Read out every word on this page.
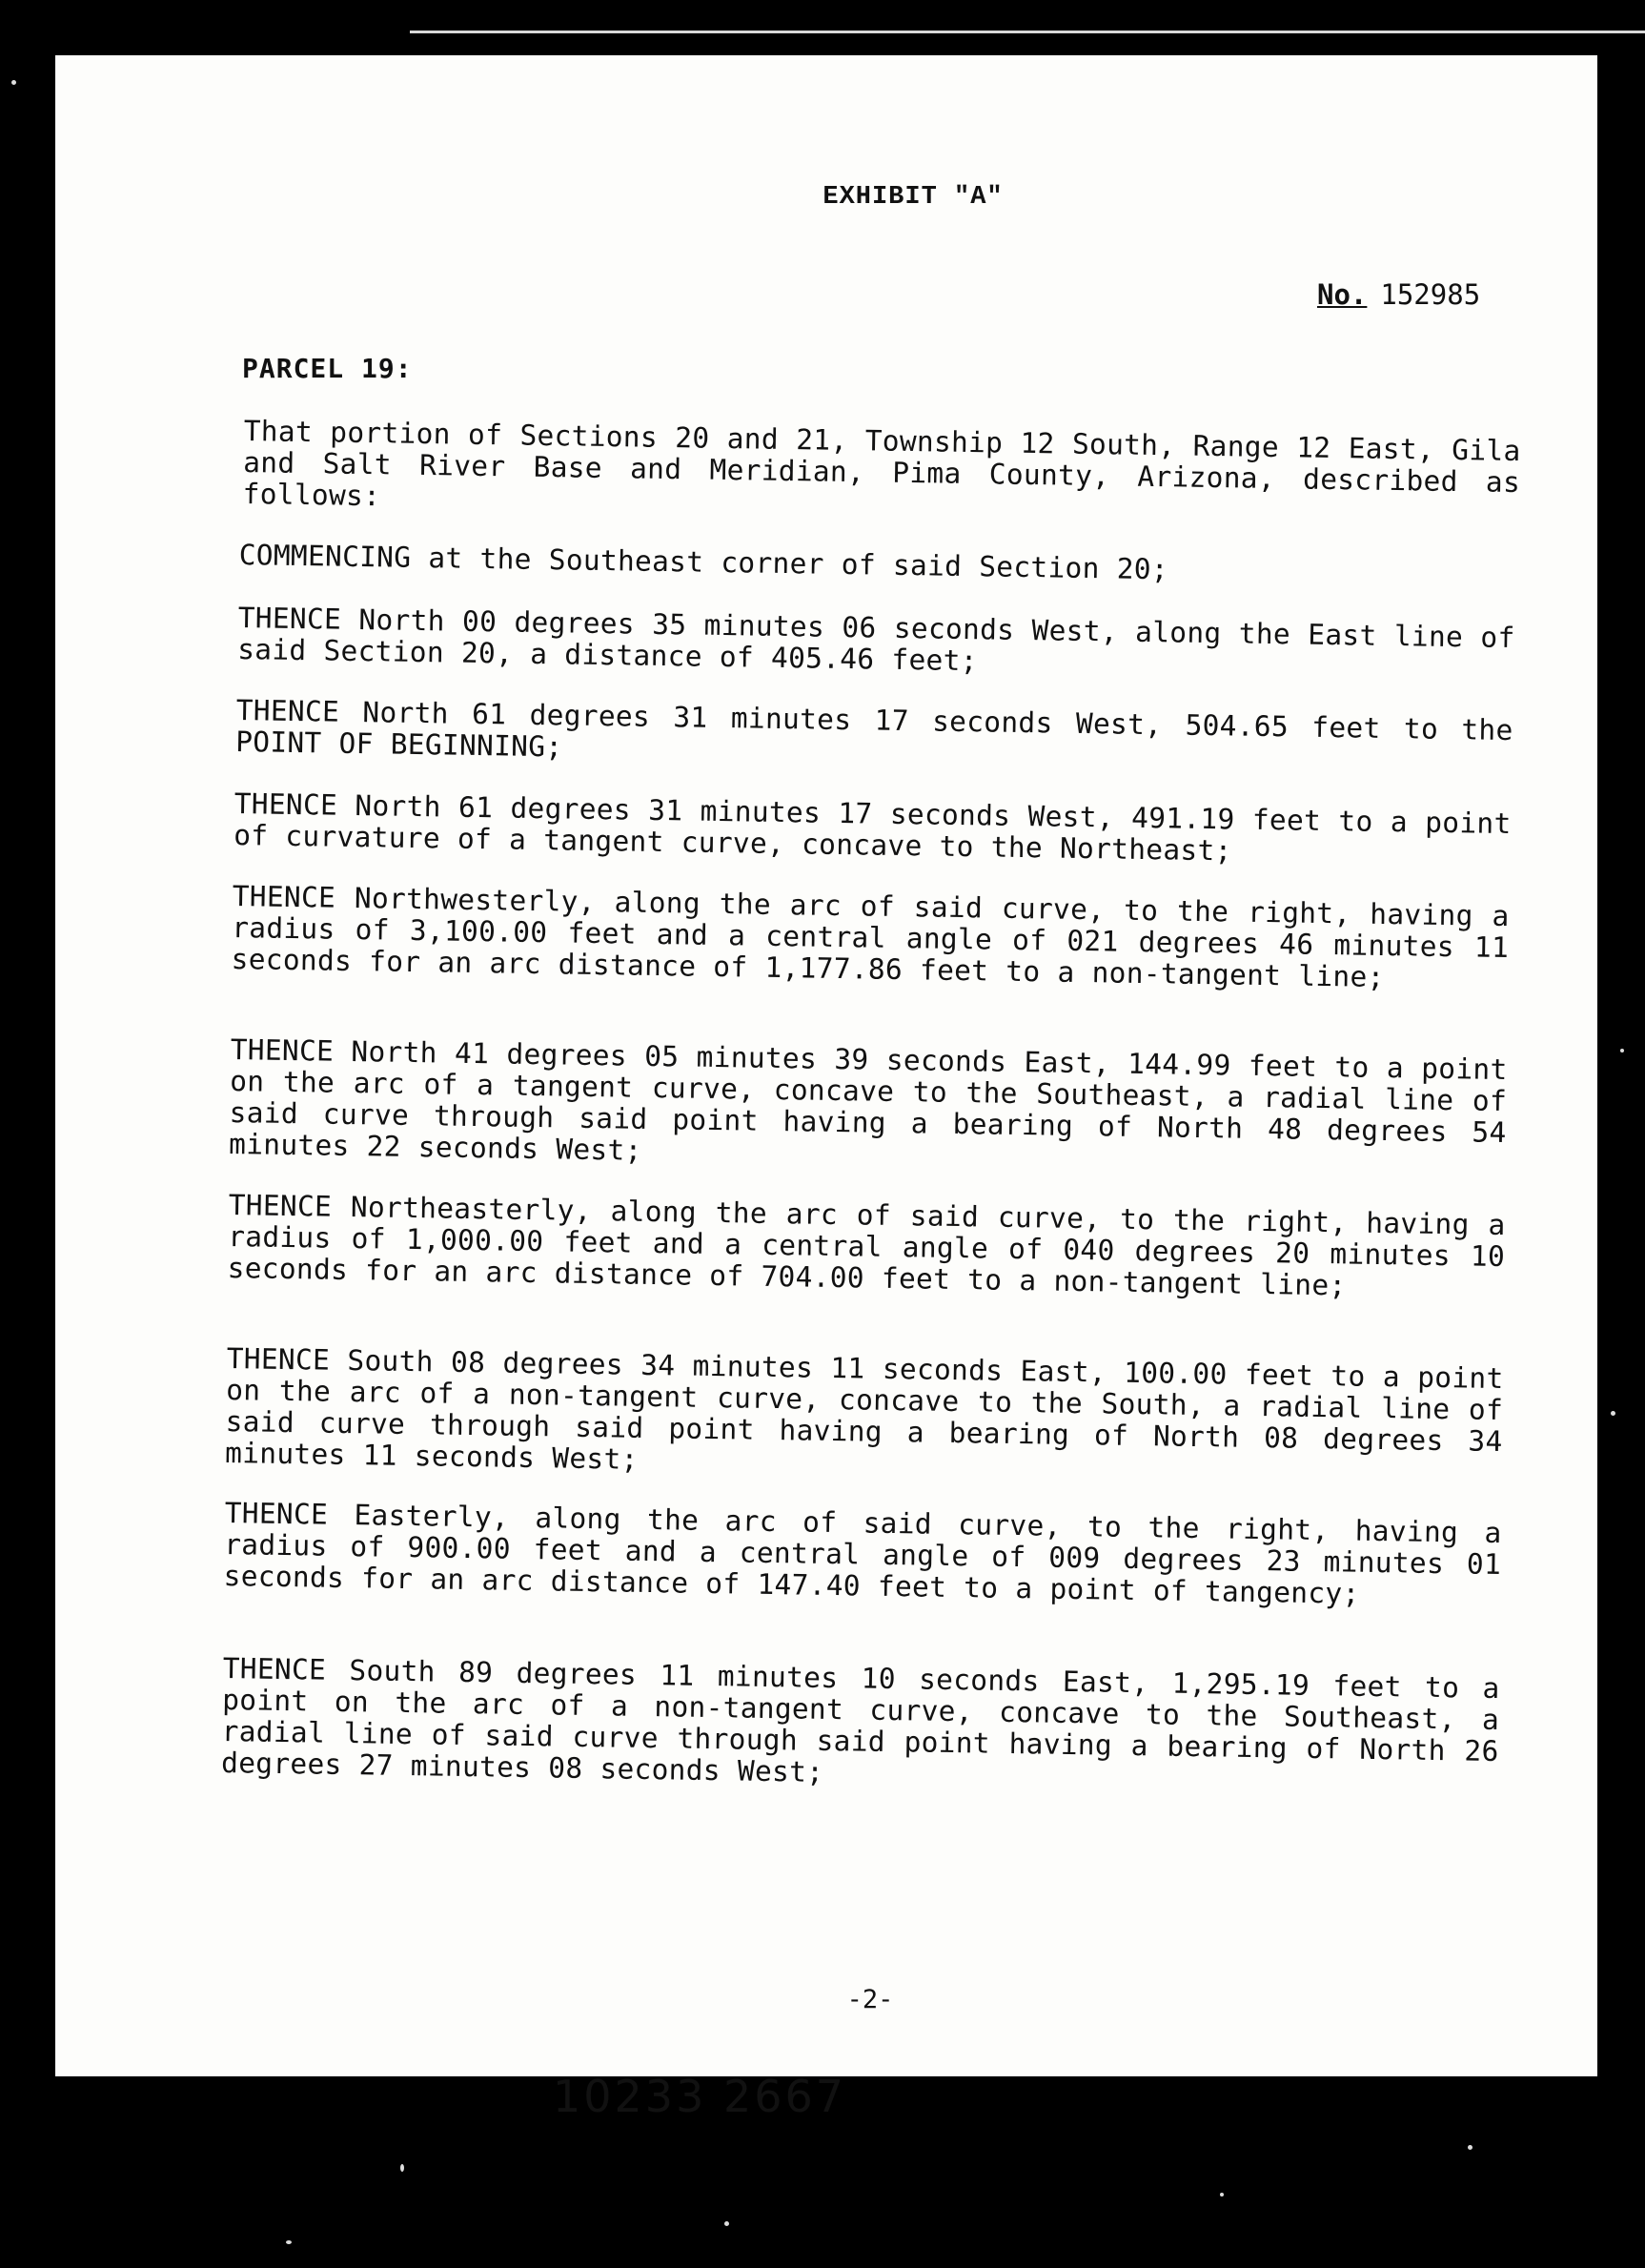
EXHIBIT "A"
No. 152985
PARCEL 19:
That portion of Sections 20 and 21, Township 12 South, Range 12 East, Gila and Salt River Base and Meridian, Pima County, Arizona, described as follows:
COMMENCING at the Southeast corner of said Section 20;
THENCE North 00 degrees 35 minutes 06 seconds West, along the East line of said Section 20, a distance of 405.46 feet;
THENCE North 61 degrees 31 minutes 17 seconds West, 504.65 feet to the POINT OF BEGINNING;
THENCE North 61 degrees 31 minutes 17 seconds West, 491.19 feet to a point of curvature of a tangent curve, concave to the Northeast;
THENCE Northwesterly, along the arc of said curve, to the right, having a radius of 3,100.00 feet and a central angle of 021 degrees 46 minutes 11 seconds for an arc distance of 1,177.86 feet to a non-tangent line;
THENCE North 41 degrees 05 minutes 39 seconds East, 144.99 feet to a point on the arc of a tangent curve, concave to the Southeast, a radial line of said curve through said point having a bearing of North 48 degrees 54 minutes 22 seconds West;
THENCE Northeasterly, along the arc of said curve, to the right, having a radius of 1,000.00 feet and a central angle of 040 degrees 20 minutes 10 seconds for an arc distance of 704.00 feet to a non-tangent line;
THENCE South 08 degrees 34 minutes 11 seconds East, 100.00 feet to a point on the arc of a non-tangent curve, concave to the South, a radial line of said curve through said point having a bearing of North 08 degrees 34 minutes 11 seconds West;
THENCE Easterly, along the arc of said curve, to the right, having a radius of 900.00 feet and a central angle of 009 degrees 23 minutes 01 seconds for an arc distance of 147.40 feet to a point of tangency;
THENCE South 89 degrees 11 minutes 10 seconds East, 1,295.19 feet to a point on the arc of a non-tangent curve, concave to the Southeast, a radial line of said curve through said point having a bearing of North 26 degrees 27 minutes 08 seconds West;
-2-
10233 2667
